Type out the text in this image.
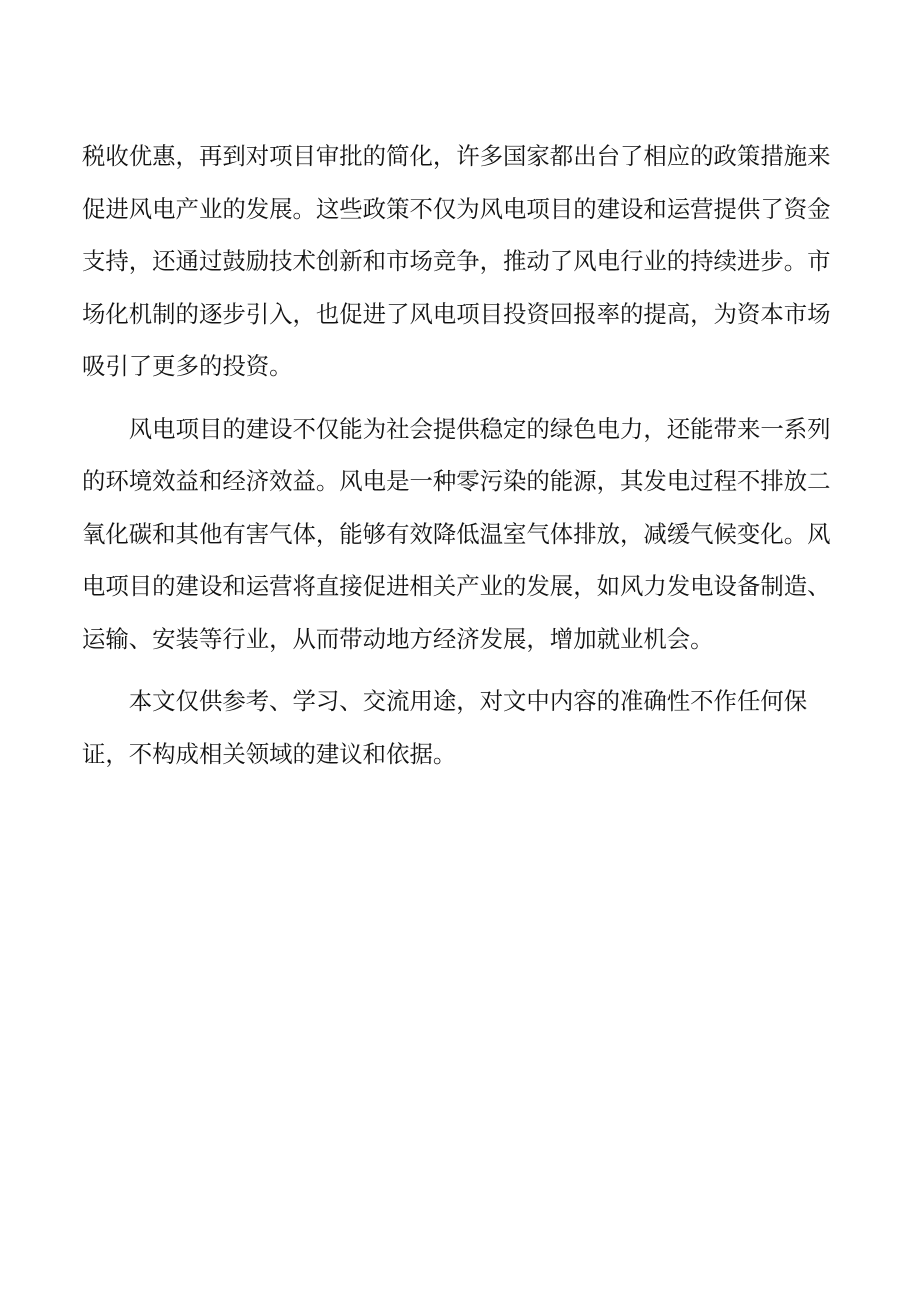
税收优惠，再到对项目审批的简化，许多国家都出台了相应的政策措施来促进风电产业的发展。这些政策不仅为风电项目的建设和运营提供了资金支持，还通过鼓励技术创新和市场竞争，推动了风电行业的持续进步。市场化机制的逐步引入，也促进了风电项目投资回报率的提高，为资本市场吸引了更多的投资。

风电项目的建设不仅能为社会提供稳定的绿色电力，还能带来一系列的环境效益和经济效益。风电是一种零污染的能源，其发电过程不排放二氧化碳和其他有害气体，能够有效降低温室气体排放，减缓气候变化。风电项目的建设和运营将直接促进相关产业的发展，如风力发电设备制造、运输、安装等行业，从而带动地方经济发展，增加就业机会。

本文仅供参考、学习、交流用途，对文中内容的准确性不作任何保证，不构成相关领域的建议和依据。
